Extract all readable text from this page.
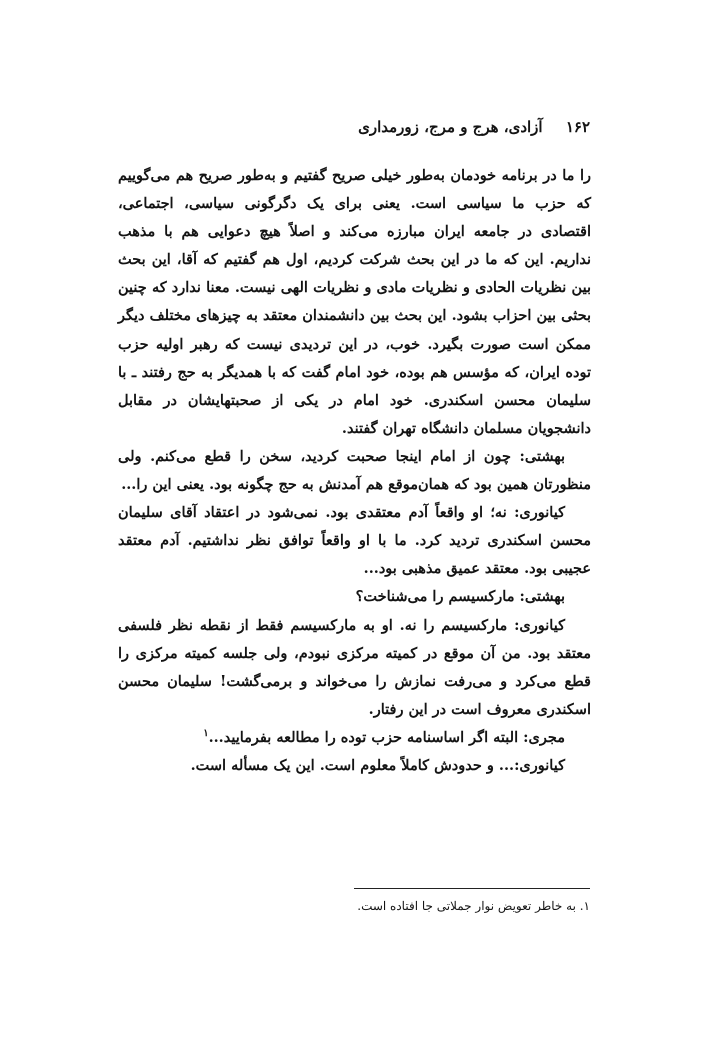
۱۶۲ آزادی، هرج و مرج، زورمداری

را ما در برنامه خودمان به‌طور خیلی صریح گفتیم و به‌طور صریح هم می‌گوییم که حزب ما سیاسی است. یعنی برای یک دگرگونی سیاسی، اجتماعی، اقتصادی در جامعه ایران مبارزه می‌کند و اصلاً هیچ دعوایی هم با مذهب نداریم. این که ما در این بحث شرکت کردیم، اول هم گفتیم که آقا، این بحث بین نظریات الحادی و نظریات مادی و نظریات الهی نیست. معنا ندارد که چنین بحثی بین احزاب بشود. این بحث بین دانشمندان معتقد به چیزهای مختلف دیگر ممکن است صورت بگیرد. خوب، در این تردیدی نیست که رهبر اولیه حزب توده ایران، که مؤسس هم بوده، خود امام گفت که با همدیگر به حج رفتند ـ با سلیمان محسن اسکندری. خود امام در یکی از صحبتهایشان در مقابل دانشجویان مسلمان دانشگاه تهران گفتند.

بهشتی: چون از امام اینجا صحبت کردید، سخن را قطع می‌کنم. ولی منظورتان همین بود که همان‌موقع هم آمدنش به حج چگونه بود. یعنی این را...

کیانوری: نه؛ او واقعاً آدم معتقدی بود. نمی‌شود در اعتقاد آقای سلیمان محسن اسکندری تردید کرد. ما با او واقعاً توافق نظر نداشتیم. آدم معتقد عجیبی بود. معتقد عمیق مذهبی بود...

بهشتی: مارکسیسم را می‌شناخت؟

کیانوری: مارکسیسم را نه. او به مارکسیسم فقط از نقطه نظر فلسفی معتقد بود. من آن موقع در کمیته مرکزی نبودم، ولی جلسه کمیته مرکزی را قطع می‌کرد و می‌رفت نمازش را می‌خواند و برمی‌گشت! سلیمان محسن اسکندری معروف است در این رفتار.

مجری: البته اگر اساسنامه حزب توده را مطالعه بفرمایید...$^۱$

کیانوری:... و حدودش کاملاً معلوم است. این یک مسأله است.

۱. به خاطر تعویض نوار جملاتی جا افتاده است.
